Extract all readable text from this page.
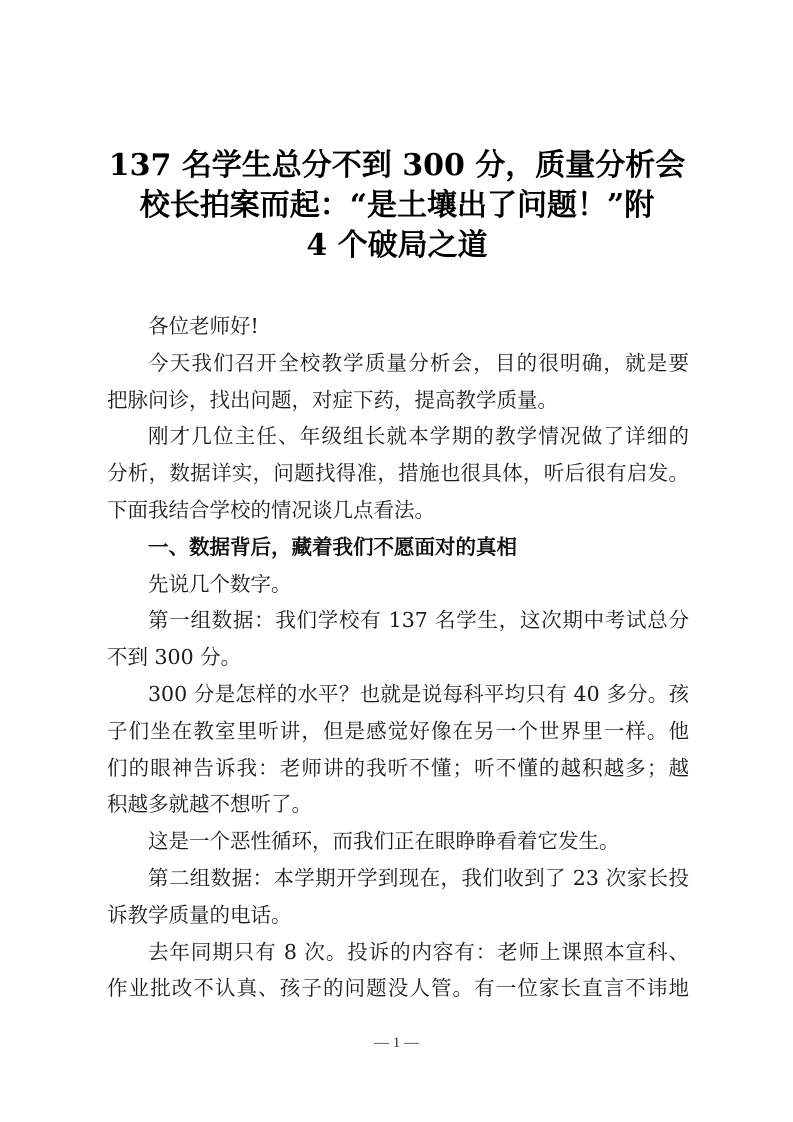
137 名学生总分不到 300 分，质量分析会
校长拍案而起：“是土壤出了问题！”附
4 个破局之道
各位老师好!
今天我们召开全校教学质量分析会，目的很明确，就是要
把脉问诊，找出问题，对症下药，提高教学质量。
刚才几位主任、年级组长就本学期的教学情况做了详细的
分析，数据详实，问题找得准，措施也很具体，听后很有启发。
下面我结合学校的情况谈几点看法。
一、数据背后，藏着我们不愿面对的真相
先说几个数字。
第一组数据：我们学校有 137 名学生，这次期中考试总分
不到 300 分。
300 分是怎样的水平？也就是说每科平均只有 40 多分。孩
子们坐在教室里听讲，但是感觉好像在另一个世界里一样。他
们的眼神告诉我：老师讲的我听不懂；听不懂的越积越多；越
积越多就越不想听了。
这是一个恶性循环，而我们正在眼睁睁看着它发生。
第二组数据：本学期开学到现在，我们收到了 23 次家长投
诉教学质量的电话。
去年同期只有 8 次。投诉的内容有：老师上课照本宣科、
作业批改不认真、孩子的问题没人管。有一位家长直言不讳地
— 1 —
